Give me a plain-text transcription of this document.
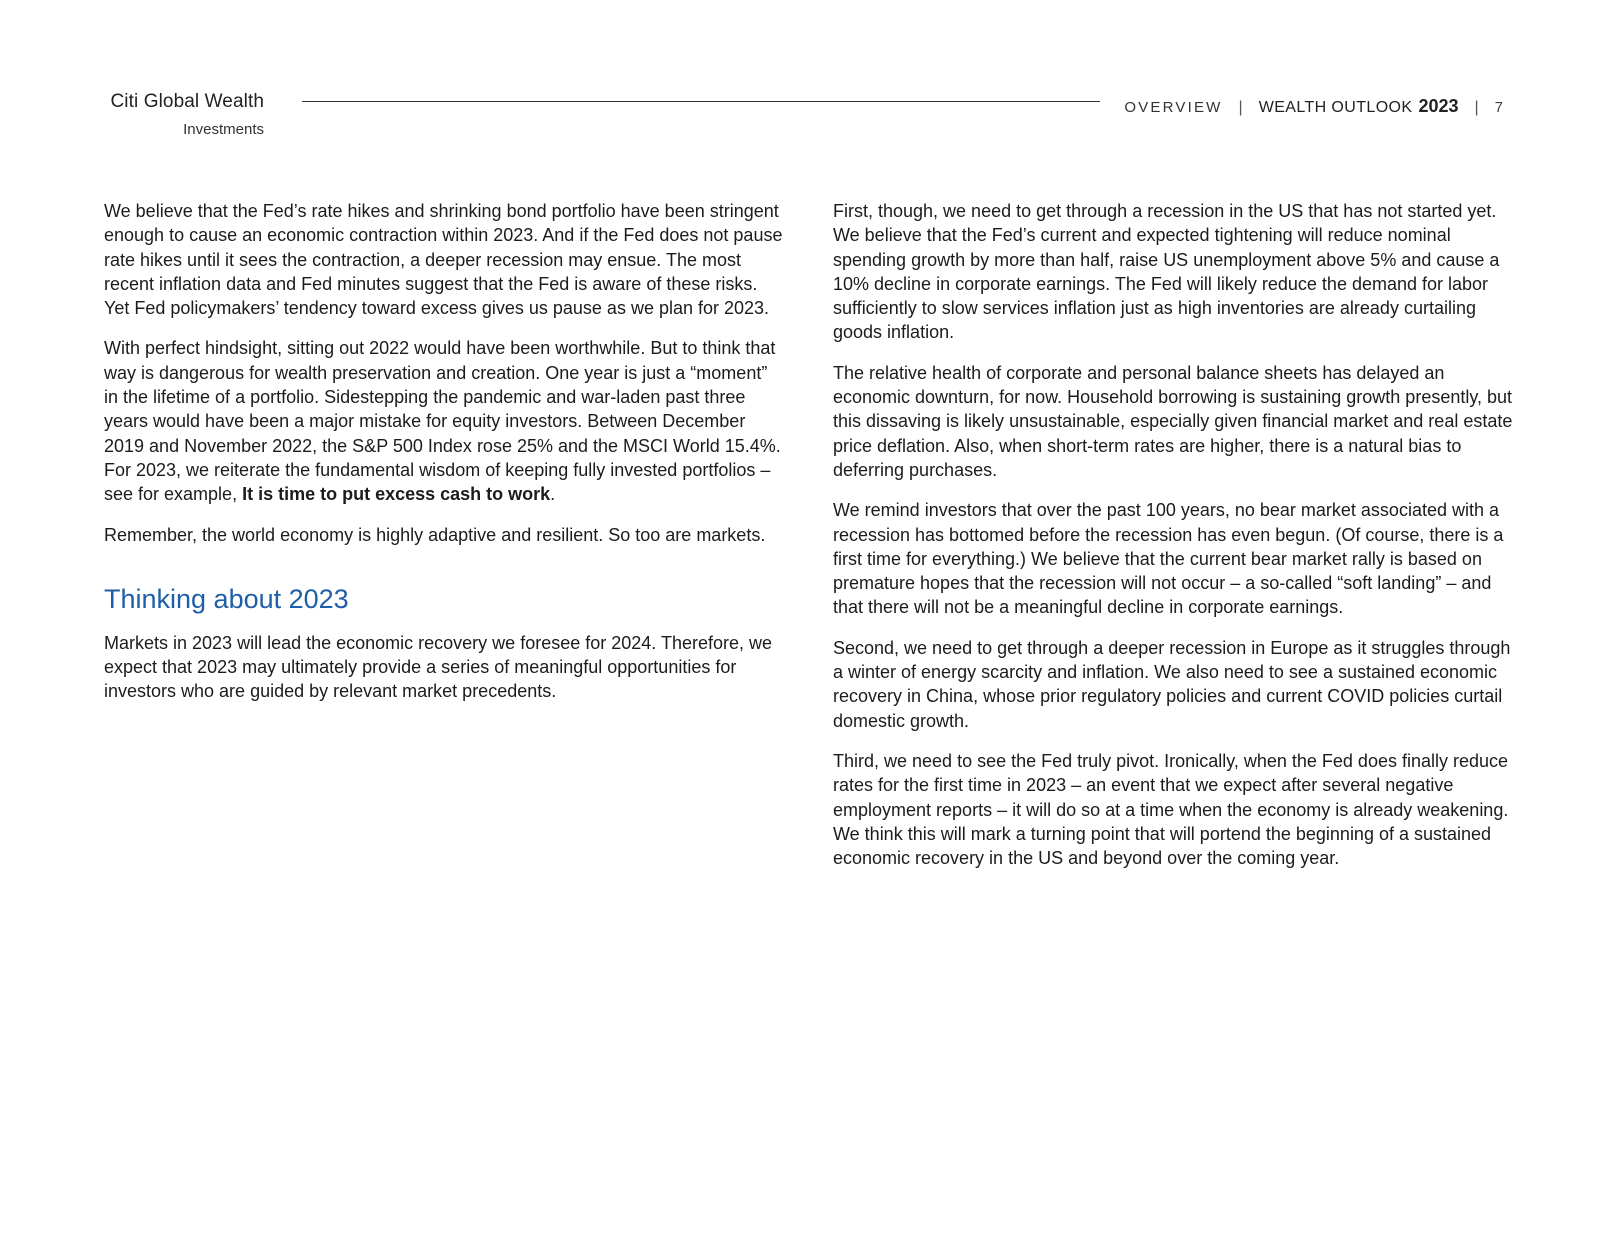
Citi Global Wealth
Investments
OVERVIEW | WEALTH OUTLOOK 2023 | 7

We believe that the Fed’s rate hikes and shrinking bond portfolio have been stringent enough to cause an economic contraction within 2023. And if the Fed does not pause rate hikes until it sees the contraction, a deeper recession may ensue. The most recent inflation data and Fed minutes suggest that the Fed is aware of these risks. Yet Fed policymakers’ tendency toward excess gives us pause as we plan for 2023.

With perfect hindsight, sitting out 2022 would have been worthwhile. But to think that way is dangerous for wealth preservation and creation. One year is just a “moment” in the lifetime of a portfolio. Sidestepping the pandemic and war-laden past three years would have been a major mistake for equity investors. Between December 2019 and November 2022, the S&P 500 Index rose 25% and the MSCI World 15.4%. For 2023, we reiterate the fundamental wisdom of keeping fully invested portfolios – see for example, It is time to put excess cash to work.

Remember, the world economy is highly adaptive and resilient. So too are markets.

Thinking about 2023

Markets in 2023 will lead the economic recovery we foresee for 2024. Therefore, we expect that 2023 may ultimately provide a series of meaningful opportunities for investors who are guided by relevant market precedents.

First, though, we need to get through a recession in the US that has not started yet. We believe that the Fed’s current and expected tightening will reduce nominal spending growth by more than half, raise US unemployment above 5% and cause a 10% decline in corporate earnings. The Fed will likely reduce the demand for labor sufficiently to slow services inflation just as high inventories are already curtailing goods inflation.

The relative health of corporate and personal balance sheets has delayed an economic downturn, for now. Household borrowing is sustaining growth presently, but this dissaving is likely unsustainable, especially given financial market and real estate price deflation. Also, when short-term rates are higher, there is a natural bias to deferring purchases.

We remind investors that over the past 100 years, no bear market associated with a recession has bottomed before the recession has even begun. (Of course, there is a first time for everything.) We believe that the current bear market rally is based on premature hopes that the recession will not occur – a so-called “soft landing” – and that there will not be a meaningful decline in corporate earnings.

Second, we need to get through a deeper recession in Europe as it struggles through a winter of energy scarcity and inflation. We also need to see a sustained economic recovery in China, whose prior regulatory policies and current COVID policies curtail domestic growth.

Third, we need to see the Fed truly pivot. Ironically, when the Fed does finally reduce rates for the first time in 2023 – an event that we expect after several negative employment reports – it will do so at a time when the economy is already weakening. We think this will mark a turning point that will portend the beginning of a sustained economic recovery in the US and beyond over the coming year.
